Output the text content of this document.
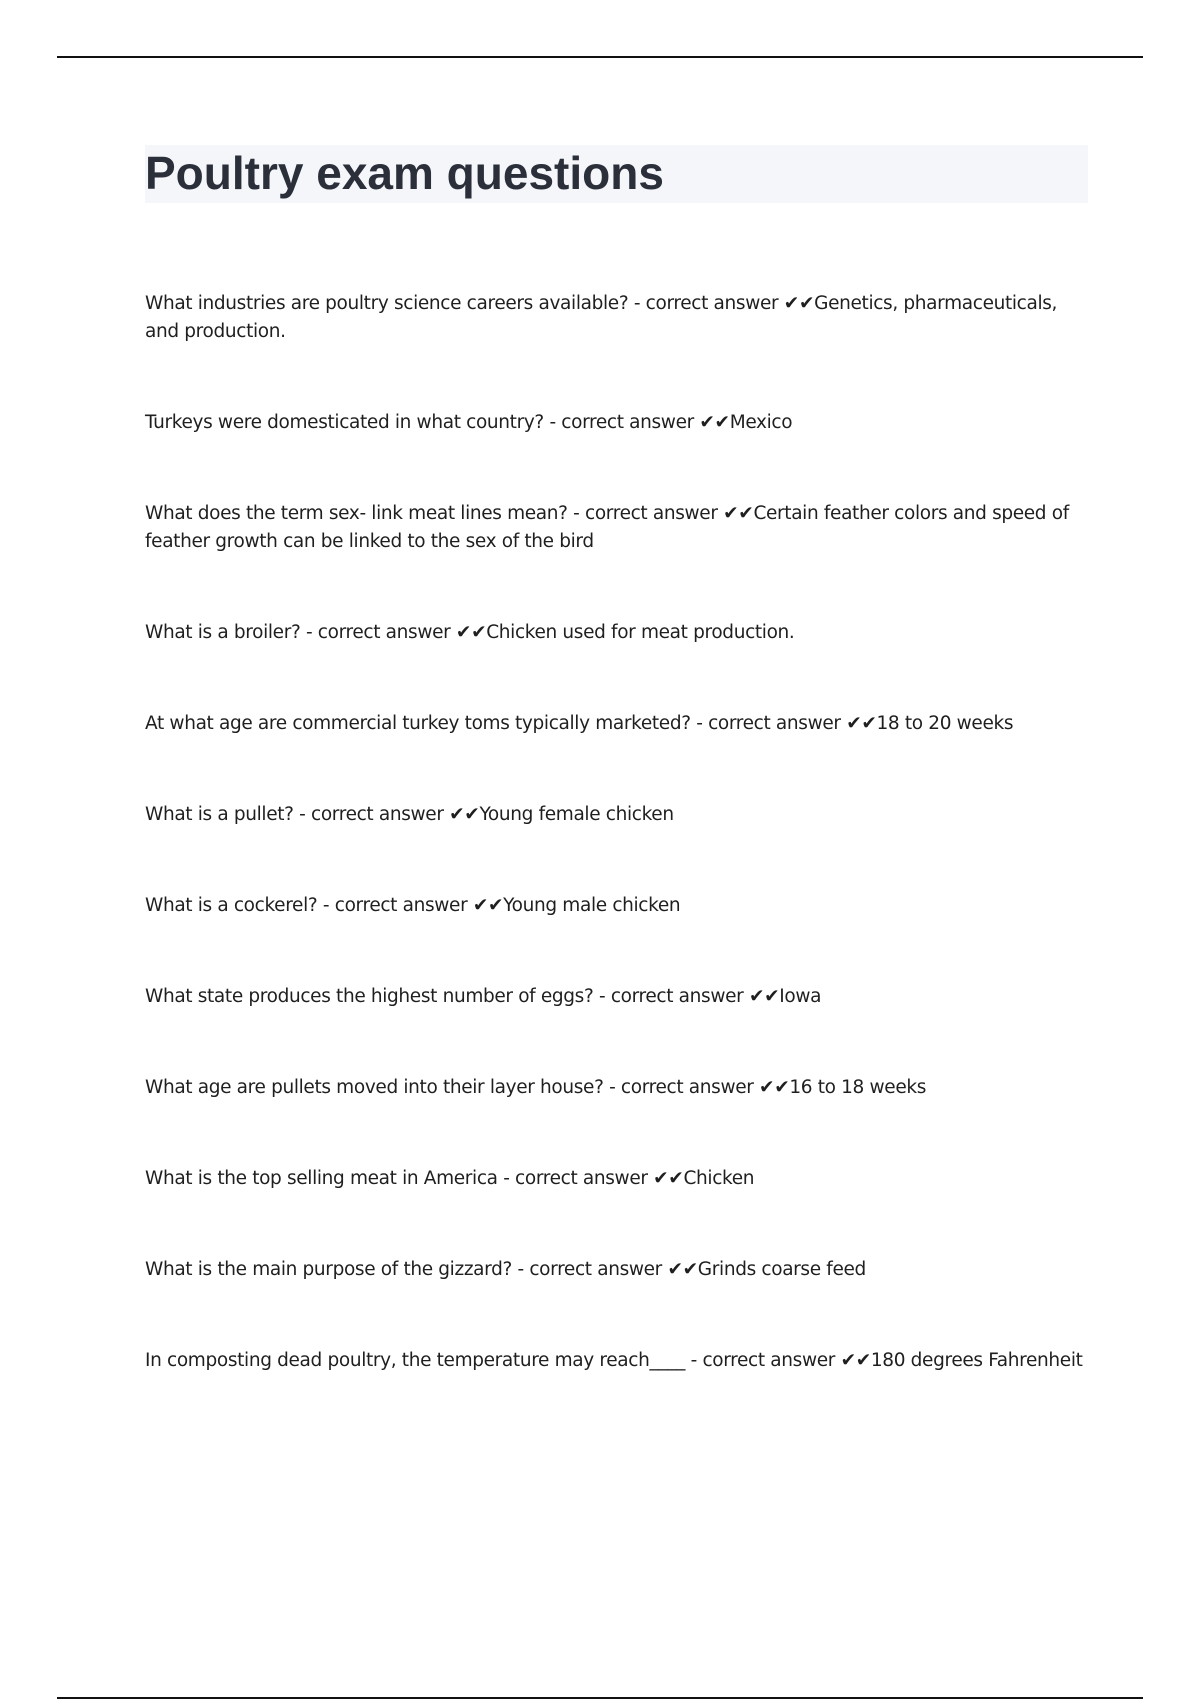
Poultry exam questions
What industries are poultry science careers available? - correct answer ✔✔Genetics, pharmaceuticals, and production.
Turkeys were domesticated in what country? - correct answer ✔✔Mexico
What does the term sex- link meat lines mean? - correct answer ✔✔Certain feather colors and speed of feather growth can be linked to the sex of the bird
What is a broiler? - correct answer ✔✔Chicken used for meat production.
At what age are commercial turkey toms typically marketed? - correct answer ✔✔18 to 20 weeks
What is a pullet? - correct answer ✔✔Young female chicken
What is a cockerel? - correct answer ✔✔Young male chicken
What state produces the highest number of eggs? - correct answer ✔✔Iowa
What age are pullets moved into their layer house? - correct answer ✔✔16 to 18 weeks
What is the top selling meat in America - correct answer ✔✔Chicken
What is the main purpose of the gizzard? - correct answer ✔✔Grinds coarse feed
In composting dead poultry, the temperature may reach____ - correct answer ✔✔180 degrees Fahrenheit
